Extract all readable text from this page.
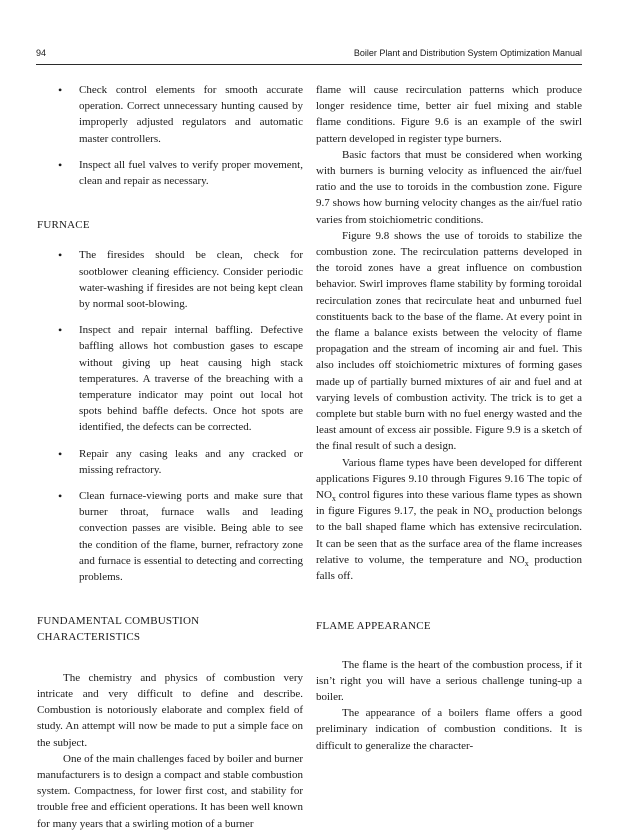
94	Boiler Plant and Distribution System Optimization Manual
• Check control elements for smooth accurate operation. Correct unnecessary hunting caused by improperly adjusted regulators and automatic master controllers.
• Inspect all fuel valves to verify proper movement, clean and repair as necessary.
FURNACE
• The firesides should be clean, check for sootblower cleaning efficiency. Consider periodic water-washing if firesides are not being kept clean by normal soot-blowing.
• Inspect and repair internal baffling. Defective baffling allows hot combustion gases to escape without giving up heat causing high stack temperatures. A traverse of the breaching with a temperature indicator may point out local hot spots behind baffle defects. Once hot spots are identified, the defects can be corrected.
• Repair any casing leaks and any cracked or missing refractory.
• Clean furnace-viewing ports and make sure that burner throat, furnace walls and leading convection passes are visible. Being able to see the condition of the flame, burner, refractory zone and furnace is essential to detecting and correcting problems.
FUNDAMENTAL COMBUSTION
CHARACTERISTICS

The chemistry and physics of combustion very intricate and very difficult to define and describe. Combustion is notoriously elaborate and complex field of study. An attempt will now be made to put a simple face on the subject.

One of the main challenges faced by boiler and burner manufacturers is to design a compact and stable combustion system. Compactness, for lower first cost, and stability for trouble free and efficient operations. It has been well known for many years that a swirling motion of a burner

flame will cause recirculation patterns which produce longer residence time, better air fuel mixing and stable flame conditions. Figure 9.6 is an example of the swirl pattern developed in register type burners.

Basic factors that must be considered when working with burners is burning velocity as influenced the air/fuel ratio and the use to toroids in the combustion zone. Figure 9.7 shows how burning velocity changes as the air/fuel ratio varies from stoichiometric conditions.

Figure 9.8 shows the use of toroids to stabilize the combustion zone. The recirculation patterns developed in the toroid zones have a great influence on combustion behavior. Swirl improves flame stability by forming toroidal recirculation zones that recirculate heat and unburned fuel constituents back to the base of the flame. At every point in the flame a balance exists between the velocity of flame propagation and the stream of incoming air and fuel. This also includes off stoichiometric mixtures of forming gases made up of partially burned mixtures of air and fuel and at varying levels of combustion activity. The trick is to get a complete but stable burn with no fuel energy wasted and the least amount of excess air possible. Figure 9.9 is a sketch of the final result of such a design.

Various flame types have been developed for different applications Figures 9.10 through Figures 9.16 The topic of $NO_x$ control figures into these various flame types as shown in figure Figures 9.17, the peak in $NO_x$ production belongs to the ball shaped flame which has extensive recirculation. It can be seen that as the surface area of the flame increases relative to volume, the temperature and $NO_x$ production falls off.

FLAME APPEARANCE

The flame is the heart of the combustion process, if it isn’t right you will have a serious challenge tuning-up a boiler.

The appearance of a boilers flame offers a good preliminary indication of combustion conditions. It is difficult to generalize the character-
